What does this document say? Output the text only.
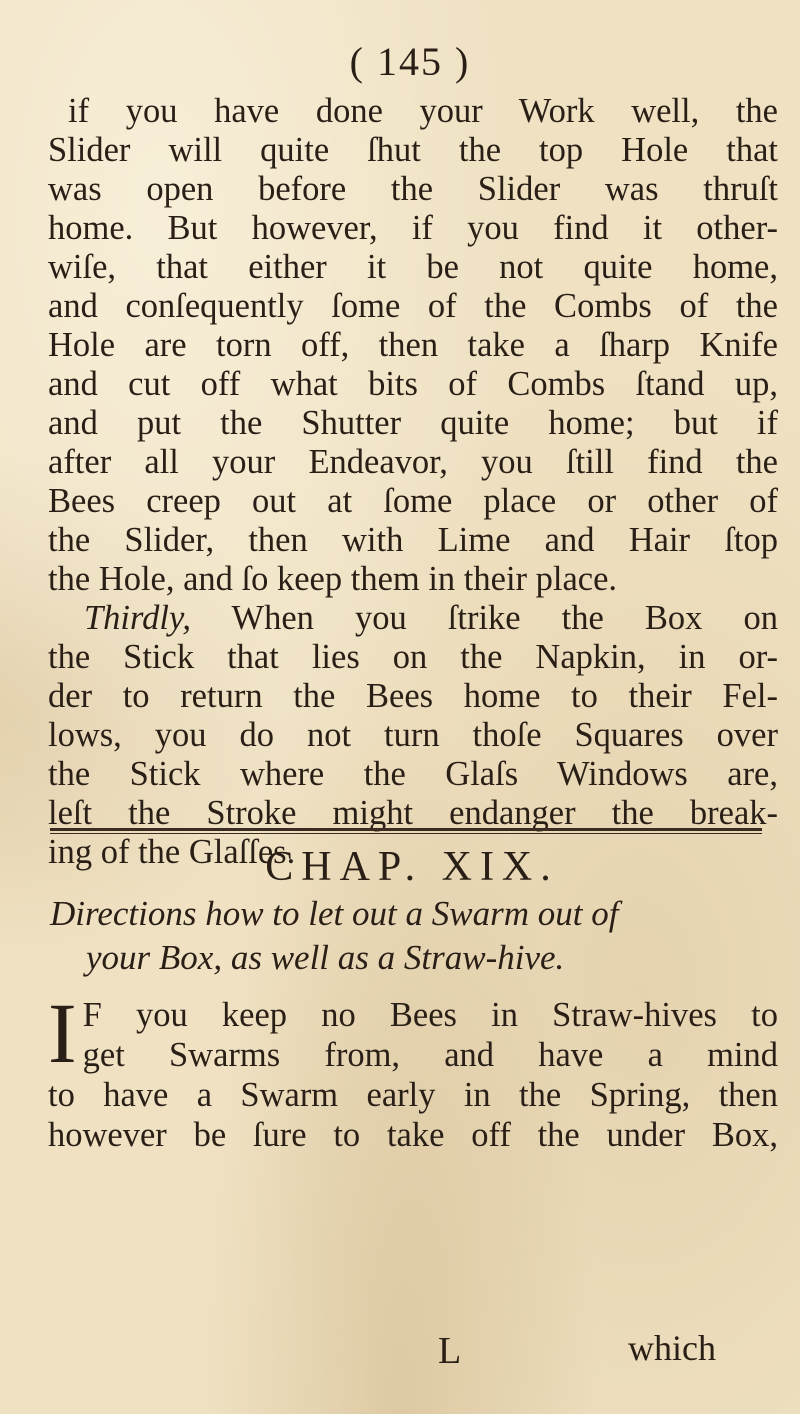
( 145 )
if you have done your Work well, the
Slider will quite ſhut the top Hole that
was open before the Slider was thruſt
home. But however, if you find it other-
wiſe, that either it be not quite home,
and conſequently ſome of the Combs of the
Hole are torn off, then take a ſharp Knife
and cut off what bits of Combs ſtand up,
and put the Shutter quite home; but if
after all your Endeavor, you ſtill find the
Bees creep out at ſome place or other of
the Slider, then with Lime and Hair ſtop
the Hole, and ſo keep them in their place.
Thirdly, When you ſtrike the Box on
the Stick that lies on the Napkin, in or-
der to return the Bees home to their Fel-
lows, you do not turn thoſe Squares over
the Stick where the Glaſs Windows are,
leſt the Stroke might endanger the break-
ing of the Glaſſes.
CHAP. XIX.
Directions how to let out a Swarm out of
your Box, as well as a Straw-hive.
I F you keep no Bees in Straw-hives to
get Swarms from, and have a mind
to have a Swarm early in the Spring, then
however be ſure to take off the under Box,
L	which
